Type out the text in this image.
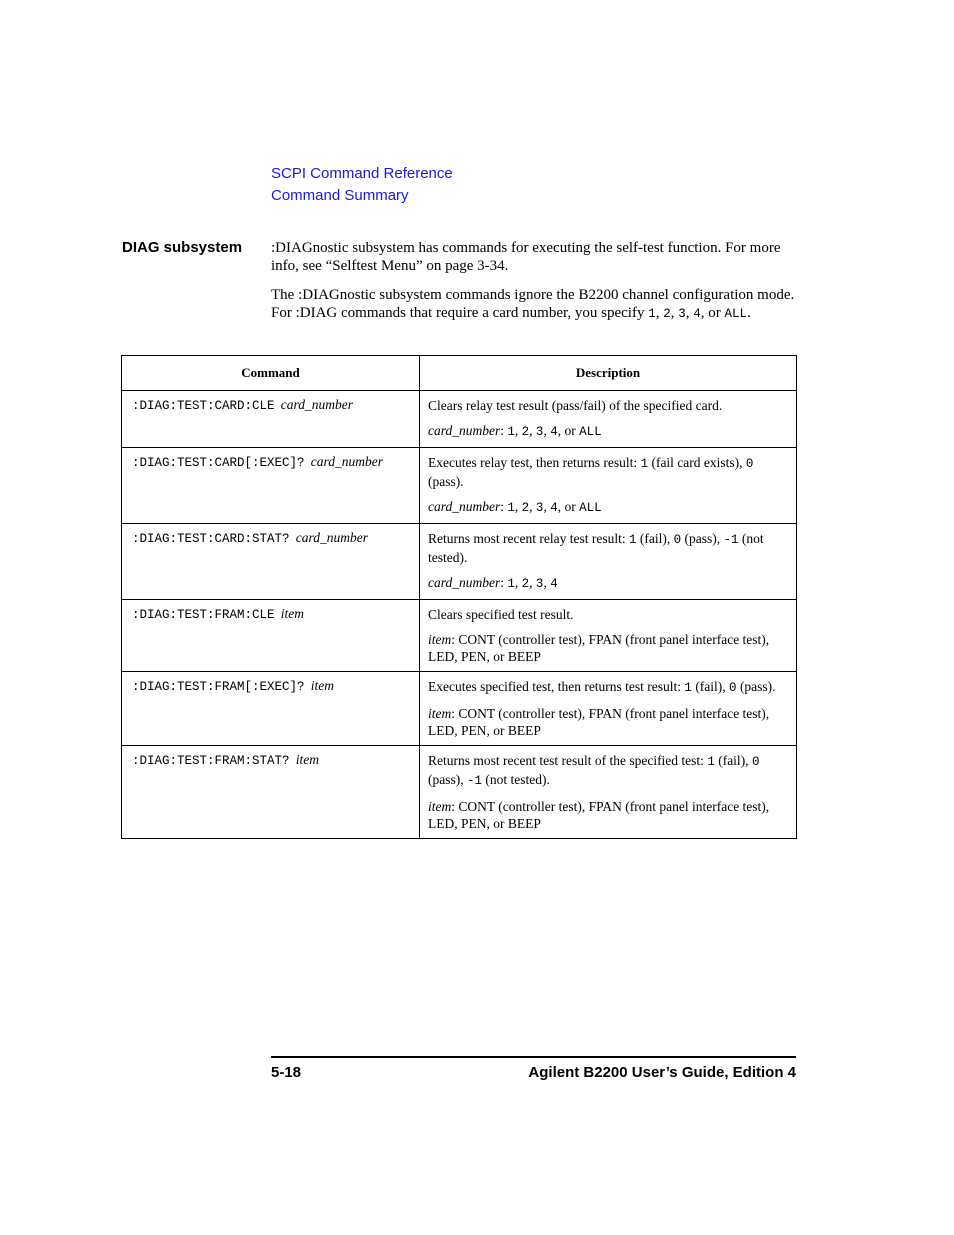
SCPI Command Reference
Command Summary
DIAG subsystem :DIAGnostic subsystem has commands for executing the self-test function. For more info, see “Selftest Menu” on page 3-34.
The :DIAGnostic subsystem commands ignore the B2200 channel configuration mode. For :DIAG commands that require a card number, you specify 1, 2, 3, 4, or ALL.
Command	Description
:DIAG:TEST:CARD:CLE card_number	Clears relay test result (pass/fail) of the specified card.

card_number: 1, 2, 3, 4, or ALL

:DIAG:TEST:CARD[:EXEC]? card_number	Executes relay test, then returns result: 1 (fail card exists), 0 (pass).

card_number: 1, 2, 3, 4, or ALL

:DIAG:TEST:CARD:STAT? card_number	Returns most recent relay test result: 1 (fail), 0 (pass), -1 (not tested).

card_number: 1, 2, 3, 4

:DIAG:TEST:FRAM:CLE item	Clears specified test result.

item: CONT (controller test), FPAN (front panel interface test), LED, PEN, or BEEP

:DIAG:TEST:FRAM[:EXEC]? item	Executes specified test, then returns test result: 1 (fail), 0 (pass).

item: CONT (controller test), FPAN (front panel interface test), LED, PEN, or BEEP

:DIAG:TEST:FRAM:STAT? item	Returns most recent test result of the specified test: 1 (fail), 0 (pass), -1 (not tested).

item: CONT (controller test), FPAN (front panel interface test), LED, PEN, or BEEP

5-18	Agilent B2200 User’s Guide, Edition 4
